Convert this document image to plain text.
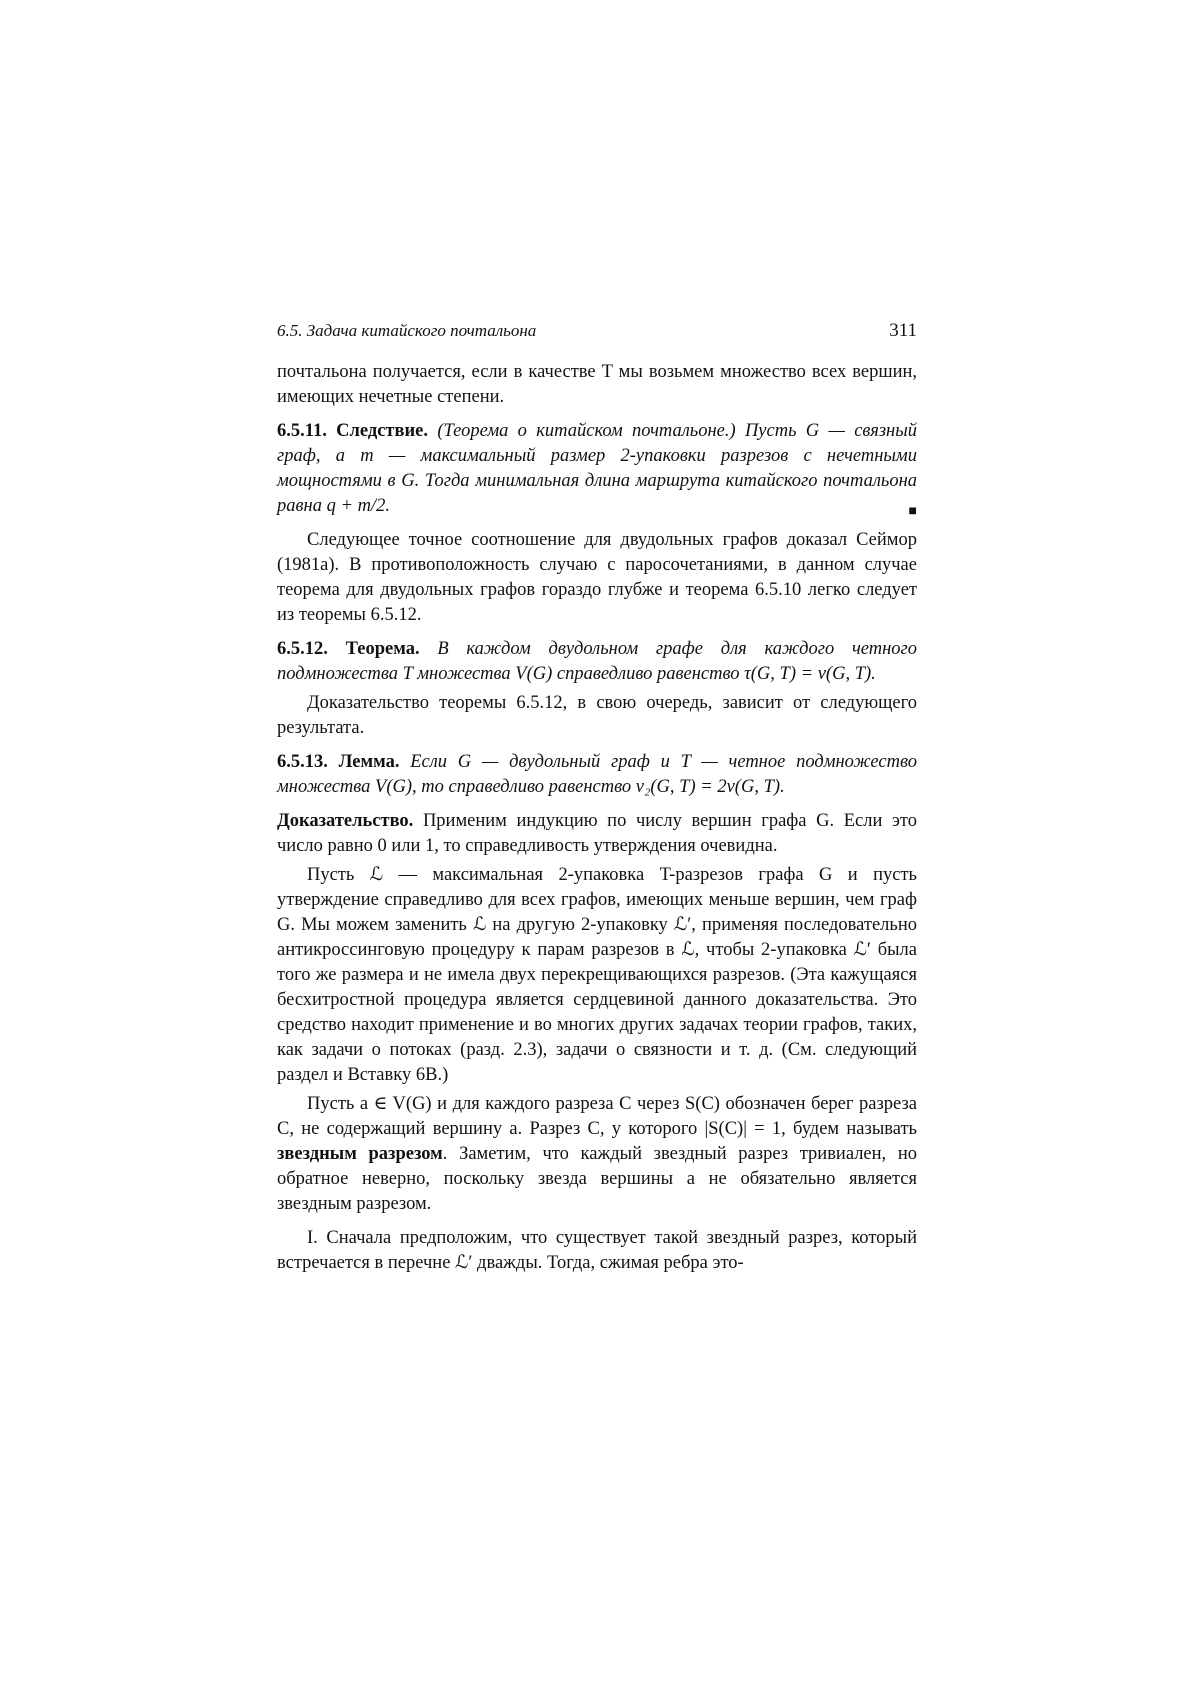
6.5. Задача китайского почтальона	311

почтальона получается, если в качестве T мы возьмем множество всех вершин, имеющих нечетные степени.

6.5.11. Следствие. (Теорема о китайском почтальоне.) Пусть G — связный граф, а m — максимальный размер 2-упаковки разрезов с нечетными мощностями в G. Тогда минимальная длина маршрута китайского почтальона равна q + m/2.	■

Следующее точное соотношение для двудольных графов доказал Сеймор (1981a). В противоположность случаю с паросочетаниями, в данном случае теорема для двудольных графов гораздо глубже и теорема 6.5.10 легко следует из теоремы 6.5.12.

6.5.12. Теорема. В каждом двудольном графе для каждого четного подмножества T множества V(G) справедливо равенство τ(G, T) = ν(G, T).

Доказательство теоремы 6.5.12, в свою очередь, зависит от следующего результата.

6.5.13. Лемма. Если G — двудольный граф и T — четное подмножество множества V(G), то справедливо равенство ν₂(G, T) = 2ν(G, T).

Доказательство. Применим индукцию по числу вершин графа G. Если это число равно 0 или 1, то справедливость утверждения очевидна.

Пусть ℒ — максимальная 2-упаковка T-разрезов графа G и пусть утверждение справедливо для всех графов, имеющих меньше вершин, чем граф G. Мы можем заменить ℒ на другую 2-упаковку ℒ′, применяя последовательно антикроссинговую процедуру к парам разрезов в ℒ, чтобы 2-упаковка ℒ′ была того же размера и не имела двух перекрещивающихся разрезов. (Эта кажущаяся бесхитростной процедура является сердцевиной данного доказательства. Это средство находит применение и во многих других задачах теории графов, таких, как задачи о потоках (разд. 2.3), задачи о связности и т. д. (См. следующий раздел и Вставку 6B.)

Пусть a ∈ V(G) и для каждого разреза C через S(C) обозначен берег разреза C, не содержащий вершину a. Разрез C, у которого |S(C)| = 1, будем называть звездным разрезом. Заметим, что каждый звездный разрез тривиален, но обратное неверно, поскольку звезда вершины a не обязательно является звездным разрезом.

I. Сначала предположим, что существует такой звездный разрез, который встречается в перечне ℒ′ дважды. Тогда, сжимая ребра это-
